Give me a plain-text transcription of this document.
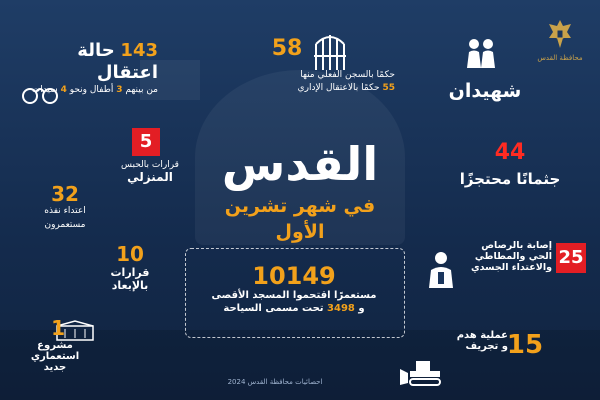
محافظة القدس
143 حالة اعتقال
من بينهم 3 أطفال ونحو 4 سيدات
58
حكمًا بالسجن الفعلي منها
55 حكمًا بالاعتقال الإداري	شهيدان
5
قرارات بالحبس
المنزلي	القدس
في شهر تشرين الأول
44
جثمانًا محتجزًا
32
اعتداء نفذه
مستعمرون
10
قرارات
بالإبعاد	10149
مستعمرًا اقتحموا المسجد الأقصى
و 3498 تحت مسمى السياحة
25
إصابة بالرصاص
الحي والمطاطي
والاعتداء الجسدي
1
مشروع استعماري
جديد
15
عملية هدم
و تجريف
احصائيات محافظة القدس 2024
